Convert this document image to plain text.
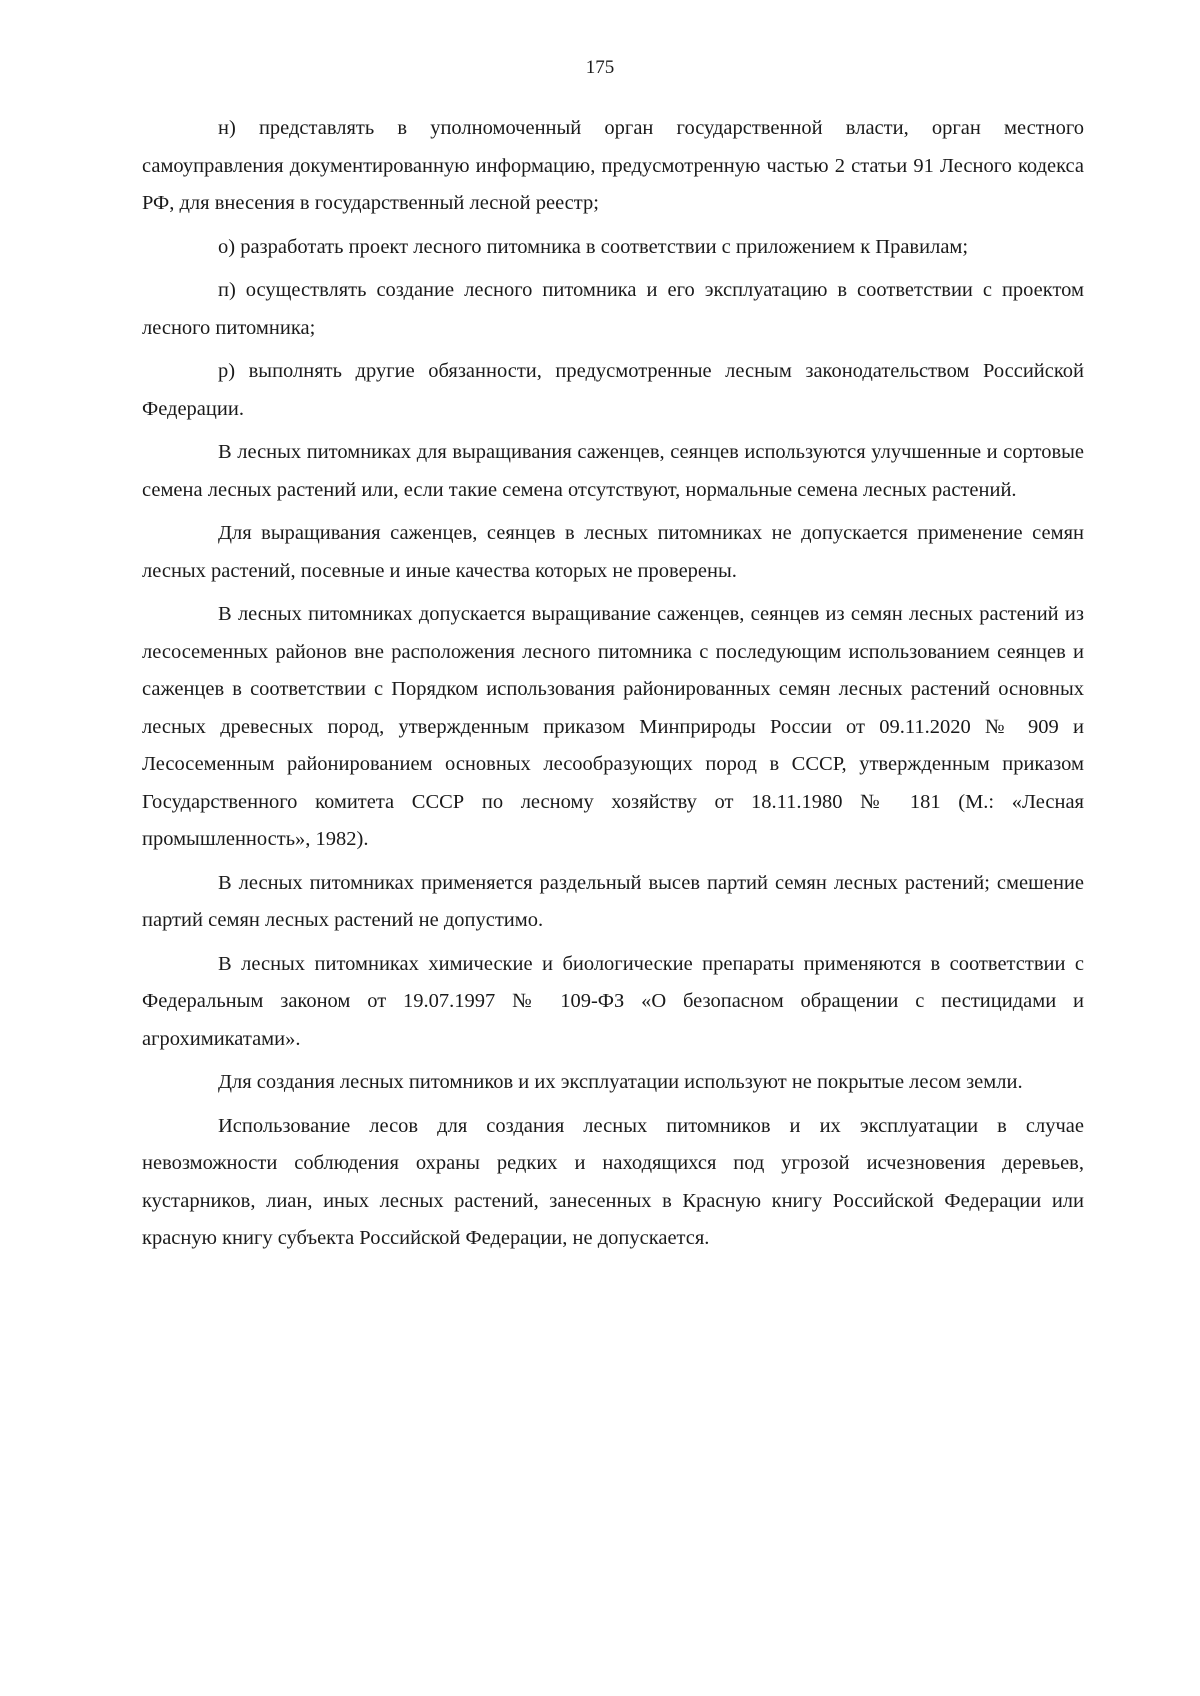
175

н) представлять в уполномоченный орган государственной власти, орган местного самоуправления документированную информацию, предусмотренную частью 2 статьи 91 Лесного кодекса РФ, для внесения в государственный лесной реестр;

о) разработать проект лесного питомника в соответствии с приложением к Правилам;

п) осуществлять создание лесного питомника и его эксплуатацию в соответствии с проектом лесного питомника;

р) выполнять другие обязанности, предусмотренные лесным законодательством Российской Федерации.

В лесных питомниках для выращивания саженцев, сеянцев используются улучшенные и сортовые семена лесных растений или, если такие семена отсутствуют, нормальные семена лесных растений.

Для выращивания саженцев, сеянцев в лесных питомниках не допускается применение семян лесных растений, посевные и иные качества которых не проверены.

В лесных питомниках допускается выращивание саженцев, сеянцев из семян лесных растений из лесосеменных районов вне расположения лесного питомника с последующим использованием сеянцев и саженцев в соответствии с Порядком использования районированных семян лесных растений основных лесных древесных пород, утвержденным приказом Минприроды России от 09.11.2020 № 909 и Лесосеменным районированием основных лесообразующих пород в СССР, утвержденным приказом Государственного комитета СССР по лесному хозяйству от 18.11.1980 № 181 (М.: «Лесная промышленность», 1982).

В лесных питомниках применяется раздельный высев партий семян лесных растений; смешение партий семян лесных растений не допустимо.

В лесных питомниках химические и биологические препараты применяются в соответствии с Федеральным законом от 19.07.1997 № 109-ФЗ «О безопасном обращении с пестицидами и агрохимикатами».

Для создания лесных питомников и их эксплуатации используют не покрытые лесом земли.

Использование лесов для создания лесных питомников и их эксплуатации в случае невозможности соблюдения охраны редких и находящихся под угрозой исчезновения деревьев, кустарников, лиан, иных лесных растений, занесенных в Красную книгу Российской Федерации или красную книгу субъекта Российской Федерации, не допускается.
